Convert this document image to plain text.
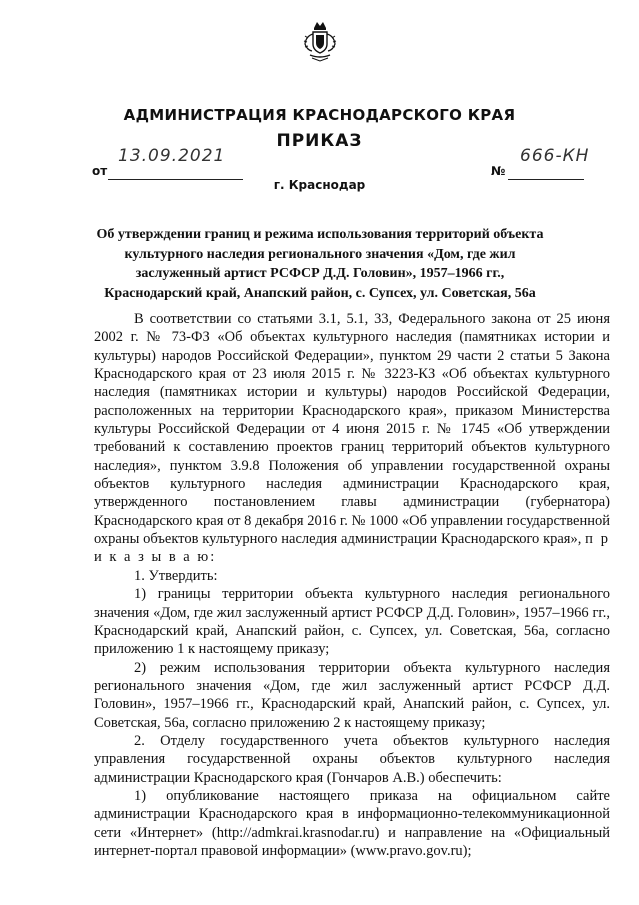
АДМИНИСТРАЦИЯ КРАСНОДАРСКОГО КРАЯ
ПРИКАЗ
от
13.09.2021
№
666-КН
г. Краснодар
Об утверждении границ и режима использования территорий объекта культурного наследия регионального значения «Дом, где жил заслуженный артист РСФСР Д.Д. Головин», 1957–1966 гг., Краснодарский край, Анапский район, с. Супсех, ул. Советская, 56а

В соответствии со статьями 3.1, 5.1, 33, Федерального закона от 25 июня 2002 г. № 73-ФЗ «Об объектах культурного наследия (памятниках истории и культуры) народов Российской Федерации», пунктом 29 части 2 статьи 5 Закона Краснодарского края от 23 июля 2015 г. № 3223-КЗ «Об объектах культурного наследия (памятниках истории и культуры) народов Российской Федерации, расположенных на территории Краснодарского края», приказом Министерства культуры Российской Федерации от 4 июня 2015 г. № 1745 «Об утверждении требований к составлению проектов границ территорий объектов культурного наследия», пунктом 3.9.8 Положения об управлении государственной охраны объектов культурного наследия администрации Краснодарского края, утвержденного постановлением главы администрации (губернатора) Краснодарского края от 8 декабря 2016 г. № 1000 «Об управлении государственной охраны объектов культурного наследия администрации Краснодарского края», п р и к а з ы в а ю:

1. Утвердить:

1) границы территории объекта культурного наследия регионального значения «Дом, где жил заслуженный артист РСФСР Д.Д. Головин», 1957–1966 гг., Краснодарский край, Анапский район, с. Супсех, ул. Советская, 56а, согласно приложению 1 к настоящему приказу;

2) режим использования территории объекта культурного наследия регионального значения «Дом, где жил заслуженный артист РСФСР Д.Д. Головин», 1957–1966 гг., Краснодарский край, Анапский район, с. Супсех, ул. Советская, 56а, согласно приложению 2 к настоящему приказу;

2. Отделу государственного учета объектов культурного наследия управления государственной охраны объектов культурного наследия администрации Краснодарского края (Гончаров А.В.) обеспечить:

1) опубликование настоящего приказа на официальном сайте администрации Краснодарского края в информационно-телекоммуникационной сети «Интернет» (http://admkrai.krasnodar.ru) и направление на «Официальный интернет-портал правовой информации» (www.pravo.gov.ru);
